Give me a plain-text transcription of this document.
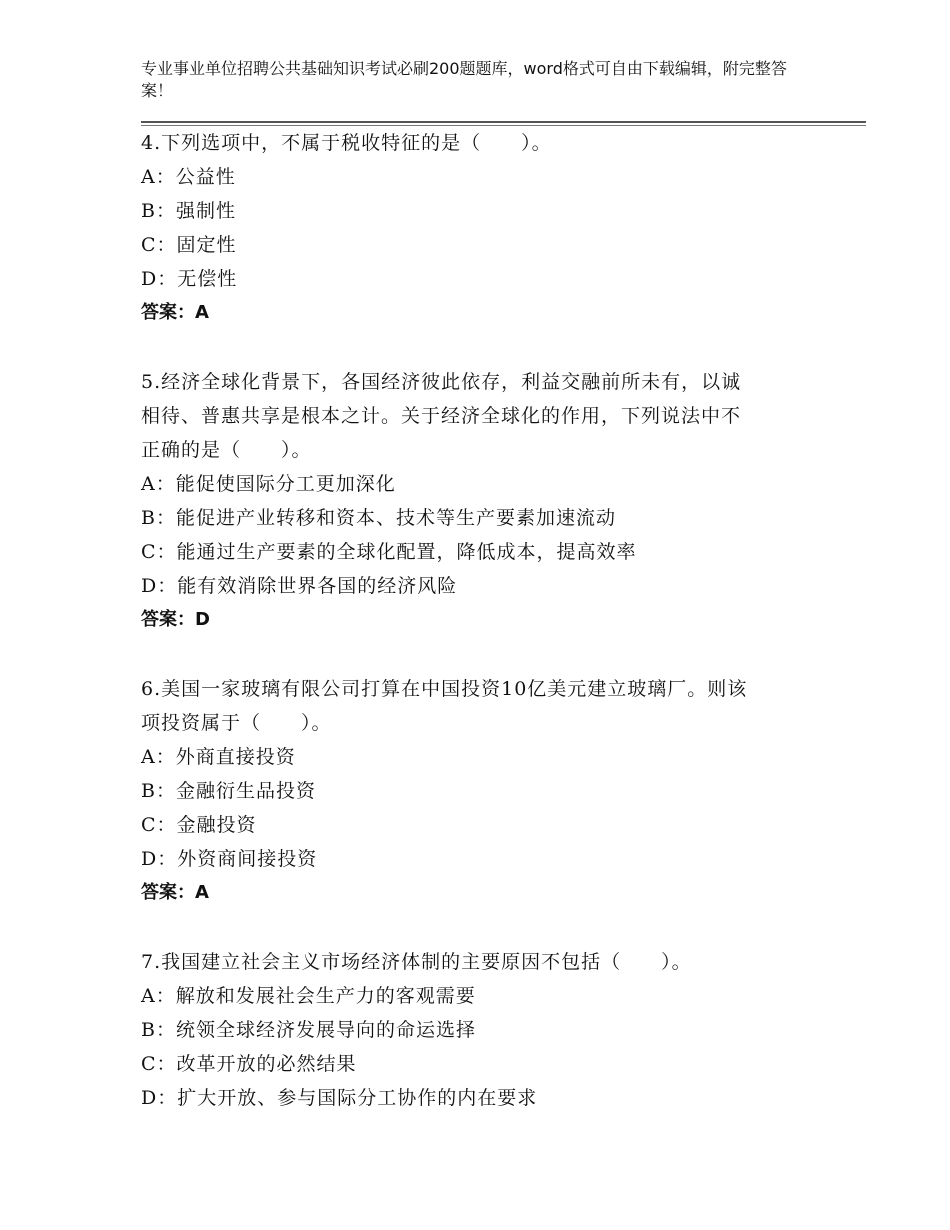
专业事业单位招聘公共基础知识考试必刷200题题库，word格式可自由下载编辑，附完整答案！
4.下列选项中，不属于税收特征的是（　　）。
A：公益性
B：强制性
C：固定性
D：无偿性
答案：A
5.经济全球化背景下，各国经济彼此依存，利益交融前所未有，以诚
相待、普惠共享是根本之计。关于经济全球化的作用，下列说法中不
正确的是（　　）。
A：能促使国际分工更加深化
B：能促进产业转移和资本、技术等生产要素加速流动
C：能通过生产要素的全球化配置，降低成本，提高效率
D：能有效消除世界各国的经济风险
答案：D
6.美国一家玻璃有限公司打算在中国投资10亿美元建立玻璃厂。则该
项投资属于（　　）。
A：外商直接投资
B：金融衍生品投资
C：金融投资
D：外资商间接投资
答案：A
7.我国建立社会主义市场经济体制的主要原因不包括（　　）。
A：解放和发展社会生产力的客观需要
B：统领全球经济发展导向的命运选择
C：改革开放的必然结果
D：扩大开放、参与国际分工协作的内在要求
